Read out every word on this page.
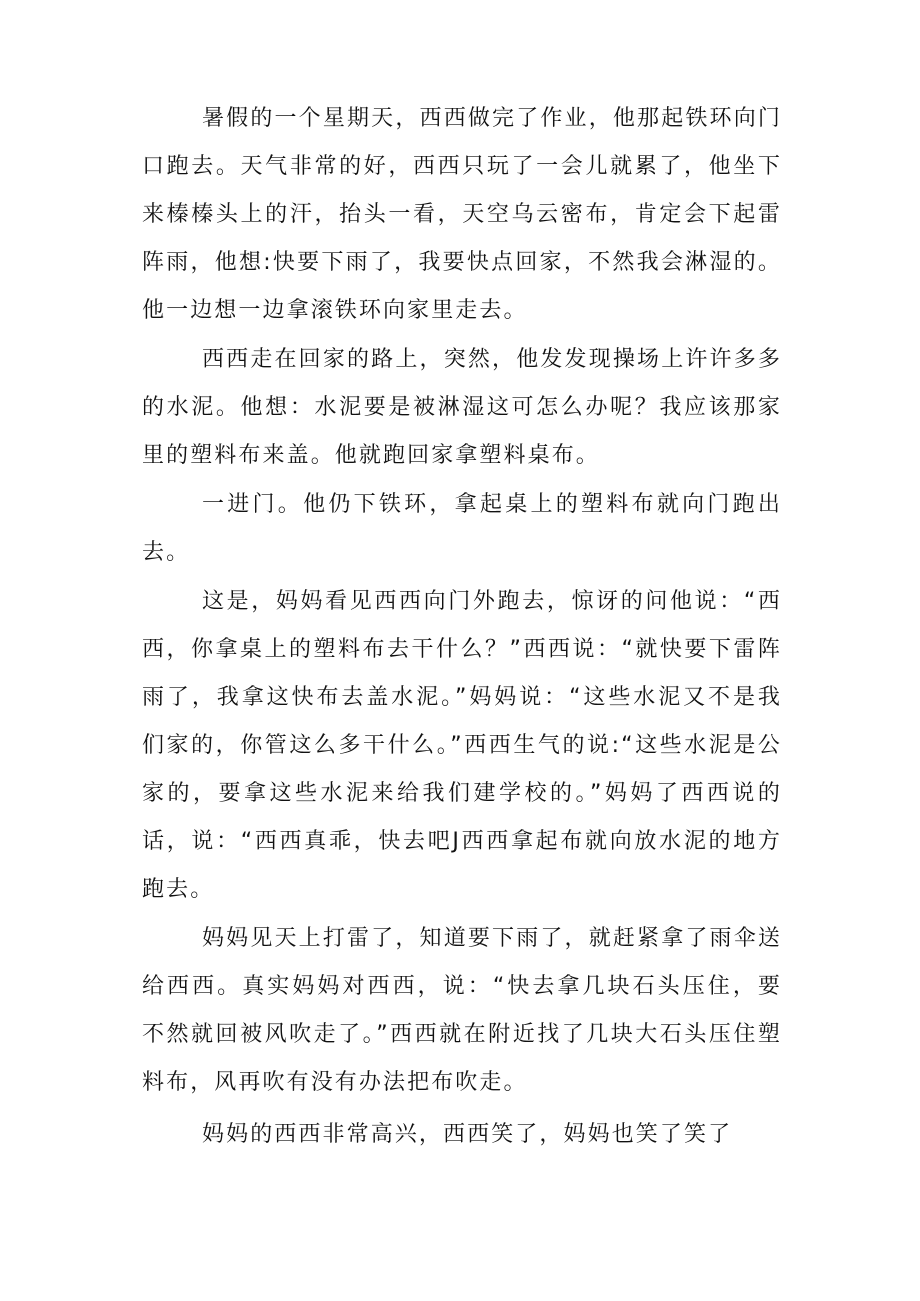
暑假的一个星期天，西西做完了作业，他那起铁环向门口跑去。天气非常的好，西西只玩了一会儿就累了，他坐下来榛榛头上的汗，抬头一看，天空乌云密布，肯定会下起雷阵雨，他想:快要下雨了，我要快点回家，不然我会淋湿的。他一边想一边拿滚铁环向家里走去。

西西走在回家的路上，突然，他发发现操场上许许多多的水泥。他想：水泥要是被淋湿这可怎么办呢？我应该那家里的塑料布来盖。他就跑回家拿塑料桌布。

一进门。他仍下铁环，拿起桌上的塑料布就向门跑出去。

这是，妈妈看见西西向门外跑去，惊讶的问他说：“西西，你拿桌上的塑料布去干什么？”西西说：“就快要下雷阵雨了，我拿这快布去盖水泥。”妈妈说：“这些水泥又不是我们家的，你管这么多干什么。”西西生气的说:“这些水泥是公家的，要拿这些水泥来给我们建学校的。”妈妈了西西说的话，说：“西西真乖，快去吧J西西拿起布就向放水泥的地方跑去。

妈妈见天上打雷了，知道要下雨了，就赶紧拿了雨伞送给西西。真实妈妈对西西，说：“快去拿几块石头压住，要不然就回被风吹走了。”西西就在附近找了几块大石头压住塑料布，风再吹有没有办法把布吹走。

妈妈的西西非常高兴，西西笑了，妈妈也笑了笑了
